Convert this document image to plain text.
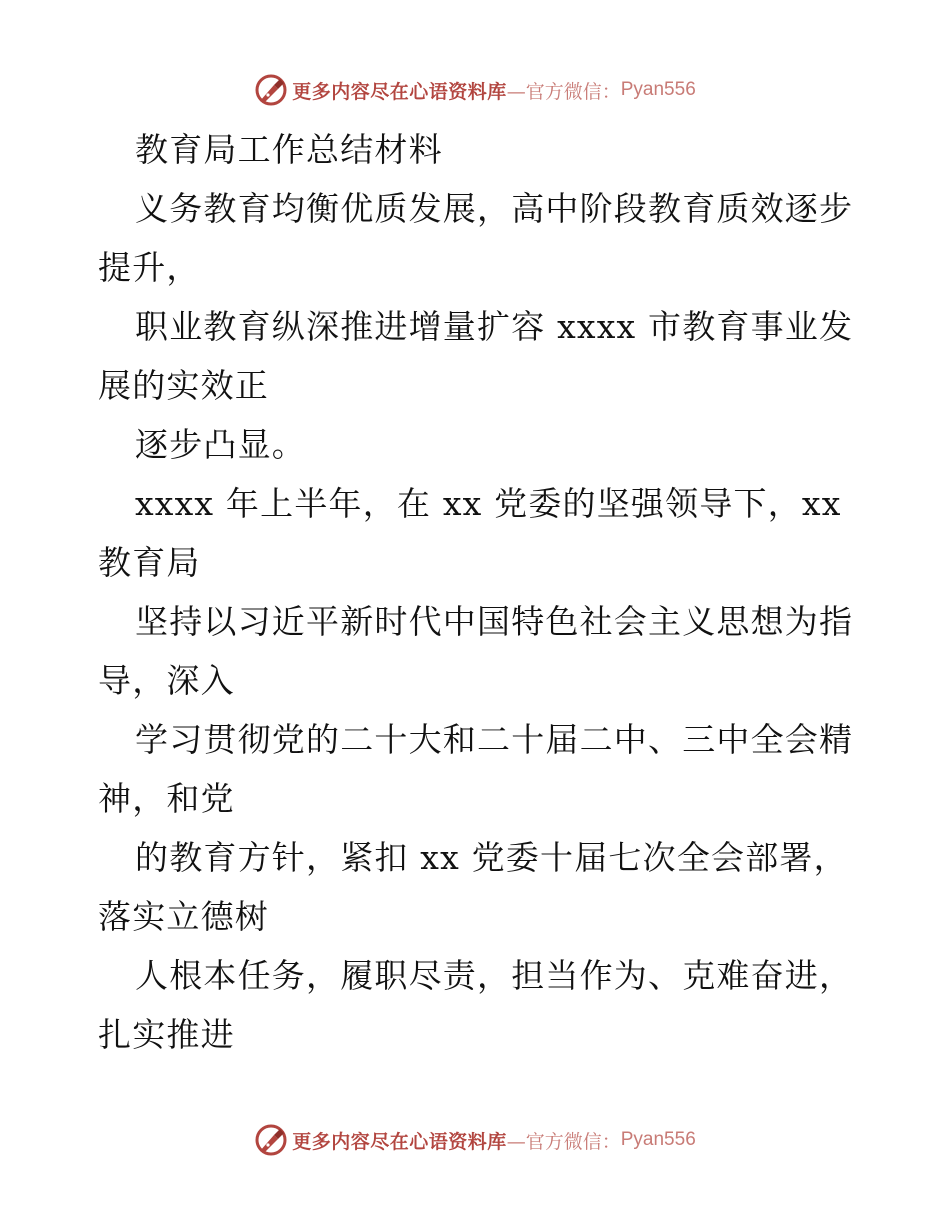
更多内容尽在心语资料库 —官方微信： Pyan556
教育局工作总结材料
义务教育均衡优质发展，高中阶段教育质效逐步
提升，
职业教育纵深推进增量扩容 xxxx 市教育事业发
展的实效正
逐步凸显。
xxxx 年上半年，在 xx 党委的坚强领导下，xx
教育局
坚持以习近平新时代中国特色社会主义思想为指
导，深入
学习贯彻党的二十大和二十届二中、三中全会精
神，和党
的教育方针，紧扣 xx 党委十届七次全会部署，
落实立德树
人根本任务，履职尽责，担当作为、克难奋进，
扎实推进
更多内容尽在心语资料库 —官方微信： Pyan556
